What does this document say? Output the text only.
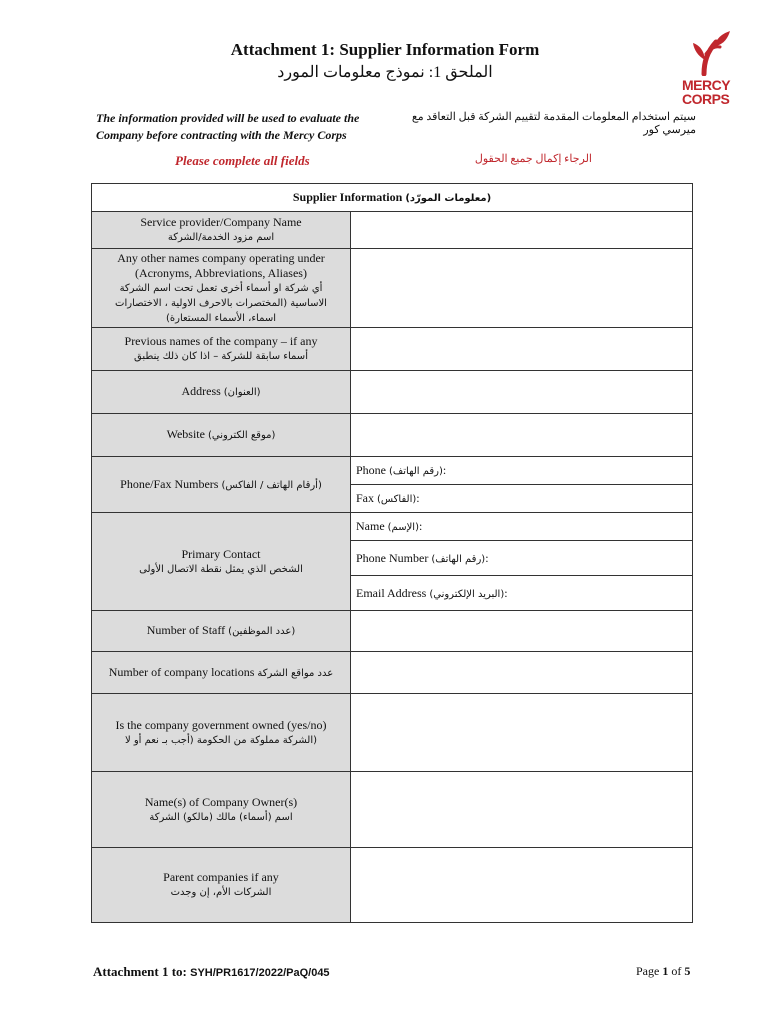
Attachment 1: Supplier Information Form
الملحق 1: نموذج معلومات المورد
MERCY
CORPS
The information provided will be used to evaluate the Company before contracting with the Mercy Corps
سيتم استخدام المعلومات المقدمة لتقييم الشركة قبل التعاقد مع ميرسي كور
Please complete all fields	الرجاء إكمال جميع الحقول
Supplier Information (معلومات المورّد)	

Service provider/Company Name
اسم مزود الخدمة/الشركة	

Any other names company operating under (Acronyms, Abbreviations, Aliases)
أي شركة او أسماء أخرى تعمل تحت اسم الشركة الاساسية (المختصرات بالاحرف الاولية ، الاختصارات اسماء، الأسماء المستعارة)	

Previous names of the company – if any
أسماء سابقة للشركة – اذا كان ذلك ينطبق	

Address (العنوان)	
Website (موقع الكتروني)	
Phone/Fax Numbers (أرقام الهاتف / الفاكس)	Phone (رقم الهاتف):
	Fax (الفاكس):

Primary Contact
الشخص الذي يمثل نقطة الاتصال الأولى	Name (الإسم):
	Phone Number (رقم الهاتف):
	Email Address (البريد الإلكتروني):
Number of Staff (عدد الموظفين)	
Number of company locations عدد مواقع الشركة	

Is the company government owned (yes/no)
(الشركة مملوكة من الحكومة (أجب بـ نعم أو لا	

Name(s) of Company Owner(s)
اسم (أسماء) مالك (مالكو) الشركة	

Parent companies if any
الشركات الأم، إن وجدت	

Attachment 1 to: SYH/PR1617/2022/PaQ/045	Page 1 of 5
